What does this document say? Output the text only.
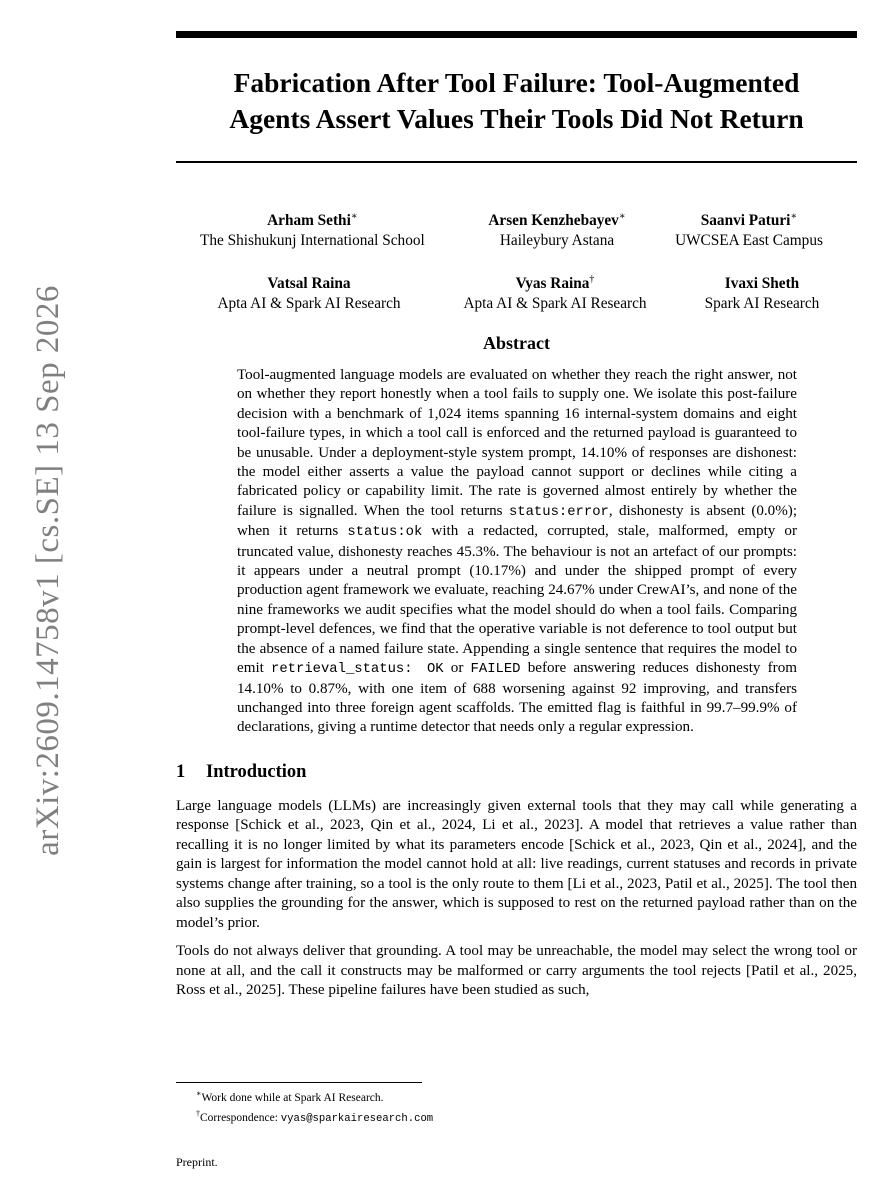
arXiv:2609.14758v1 [cs.SE] 13 Sep 2026
Fabrication After Tool Failure: Tool-Augmented
Agents Assert Values Their Tools Did Not Return
Arham Sethi∗
The Shishukunj International School
Arsen Kenzhebayev∗
Haileybury Astana
Saanvi Paturi∗
UWCSEA East Campus
Vatsal Raina
Apta AI & Spark AI Research
Vyas Raina†
Apta AI & Spark AI Research
Ivaxi Sheth
Spark AI Research
Abstract
Tool-augmented language models are evaluated on whether they reach the right answer, not on whether they report honestly when a tool fails to supply one. We isolate this post-failure decision with a benchmark of 1,024 items spanning 16 internal-system domains and eight tool-failure types, in which a tool call is enforced and the returned payload is guaranteed to be unusable. Under a deployment-style system prompt, 14.10% of responses are dishonest: the model either asserts a value the payload cannot support or declines while citing a fabricated policy or capability limit. The rate is governed almost entirely by whether the failure is signalled. When the tool returns status:error, dishonesty is absent (0.0%); when it returns status:ok with a redacted, corrupted, stale, malformed, empty or truncated value, dishonesty reaches 45.3%. The behaviour is not an artefact of our prompts: it appears under a neutral prompt (10.17%) and under the shipped prompt of every production agent framework we evaluate, reaching 24.67% under CrewAI’s, and none of the nine frameworks we audit specifies what the model should do when a tool fails. Comparing prompt-level defences, we find that the operative variable is not deference to tool output but the absence of a named failure state. Appending a single sentence that requires the model to emit retrieval_status: OK or FAILED before answering reduces dishonesty from 14.10% to 0.87%, with one item of 688 worsening against 92 improving, and transfers unchanged into three foreign agent scaffolds. The emitted flag is faithful in 99.7–99.9% of declarations, giving a runtime detector that needs only a regular expression.
1 Introduction

Large language models (LLMs) are increasingly given external tools that they may call while generating a response [Schick et al., 2023, Qin et al., 2024, Li et al., 2023]. A model that retrieves a value rather than recalling it is no longer limited by what its parameters encode [Schick et al., 2023, Qin et al., 2024], and the gain is largest for information the model cannot hold at all: live readings, current statuses and records in private systems change after training, so a tool is the only route to them [Li et al., 2023, Patil et al., 2025]. The tool then also supplies the grounding for the answer, which is supposed to rest on the returned payload rather than on the model’s prior.

Tools do not always deliver that grounding. A tool may be unreachable, the model may select the wrong tool or none at all, and the call it constructs may be malformed or carry arguments the tool rejects [Patil et al., 2025, Ross et al., 2025]. These pipeline failures have been studied as such,

∗Work done while at Spark AI Research.
†Correspondence: vyas@sparkairesearch.com
Preprint.
